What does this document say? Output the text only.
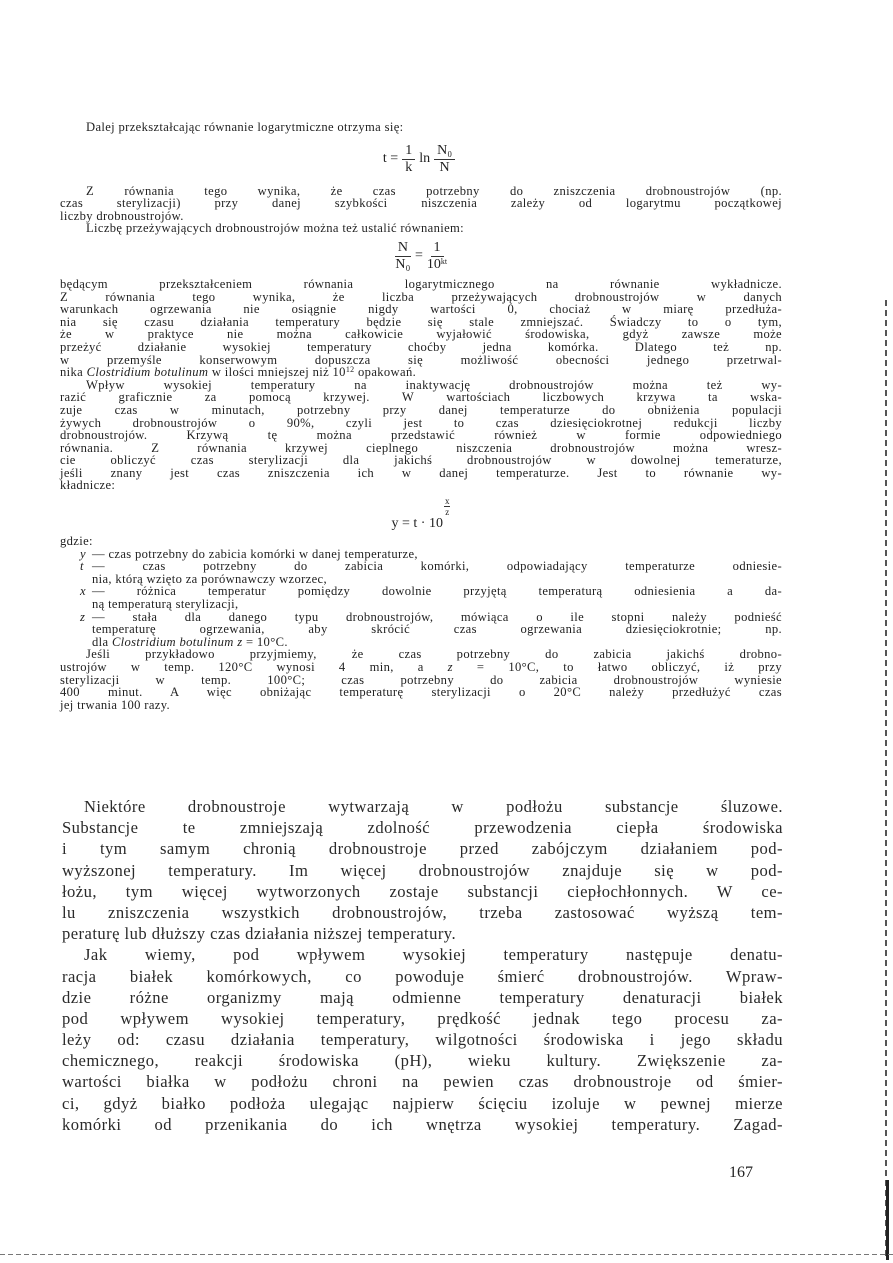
Dalej przekształcając równanie logarytmiczne otrzyma się:
$t = \frac{1}{k}$ $\ln \frac{\text{N₀}}{N}$
Z równania tego wynika, że czas potrzebny do zniszczenia drobnoustrojów (np.
czas sterylizacji) przy danej szybkości niszczenia zależy od logarytmu początkowej
liczby drobnoustrojów.
Liczbę przeżywających drobnoustrojów można też ustalić równaniem:
$\frac{N}{\text{N₀}} = \frac{1}{10^{kt}}$
będącym przekształceniem równania logarytmicznego na równanie wykładnicze.
Z równania tego wynika, że liczba przeżywających drobnoustrojów w danych
warunkach ogrzewania nie osiągnie nigdy wartości 0, chociaż w miarę przedłuża-
nia się czasu działania temperatury będzie się stale zmniejszać. Świadczy to o tym,
że w praktyce nie można całkowicie wyjałowić środowiska, gdyż zawsze może
przeżyć działanie wysokiej temperatury choćby jedna komórka. Dlatego też np.
w przemyśle konserwowym dopuszcza się możliwość obecności jednego przetrwal-
nika Clostridium botulinum w ilości mniejszej niż $10^{12}$ opakowań.
Wpływ wysokiej temperatury na inaktywację drobnoustrojów można też wy-
razić graficznie za pomocą krzywej. W wartościach liczbowych krzywa ta wska-
zuje czas w minutach, potrzebny przy danej temperaturze do obniżenia populacji
żywych drobnoustrojów o 90%, czyli jest to czas dziesięciokrotnej redukcji liczby
drobnoustrojów. Krzywą tę można przedstawić również w formie odpowiedniego
równania. Z równania krzywej cieplnego niszczenia drobnoustrojów można wresz-
cie obliczyć czas sterylizacji dla jakichś drobnoustrojów w dowolnej temeraturze,
jeśli znany jest czas zniszczenia ich w danej temperaturze. Jest to równanie wy-
kładnicze:
y = t · 10
$\frac{x}{z}$
gdzie:
y — czas potrzebny do zabicia komórki w danej temperaturze,
t — czas potrzebny do zabicia komórki, odpowiadający temperaturze odniesie-
nia, którą wzięto za porównawczy wzorzec,
x — różnica temperatur pomiędzy dowolnie przyjętą temperaturą odniesienia a da-
ną temperaturą sterylizacji,
z — stała dla danego typu drobnoustrojów, mówiąca o ile stopni należy podnieść
temperaturę ogrzewania, aby skrócić czas ogrzewania dziesięciokrotnie; np.
dla Clostridium botulinum z = 10°C.
Jeśli przykładowo przyjmiemy, że czas potrzebny do zabicia jakichś drobno-
ustrojów w temp. 120°C wynosi 4 min, a z = 10°C, to łatwo obliczyć, iż przy
sterylizacji w temp. 100°C; czas potrzebny do zabicia drobnoustrojów wyniesie
400 minut. A więc obniżając temperaturę sterylizacji o 20°C należy przedłużyć czas
jej trwania 100 razy.
Niektóre drobnoustroje wytwarzają w podłożu substancje śluzowe.
Substancje te zmniejszają zdolność przewodzenia ciepła środowiska
i tym samym chronią drobnoustroje przed zabójczym działaniem pod-
wyższonej temperatury. Im więcej drobnoustrojów znajduje się w pod-
łożu, tym więcej wytworzonych zostaje substancji ciepłochłonnych. W ce-
lu zniszczenia wszystkich drobnoustrojów, trzeba zastosować wyższą tem-
peraturę lub dłuższy czas działania niższej temperatury.
Jak wiemy, pod wpływem wysokiej temperatury następuje denatu-
racja białek komórkowych, co powoduje śmierć drobnoustrojów. Wpraw-
dzie różne organizmy mają odmienne temperatury denaturacji białek
pod wpływem wysokiej temperatury, prędkość jednak tego procesu za-
leży od: czasu działania temperatury, wilgotności środowiska i jego składu
chemicznego, reakcji środowiska (pH), wieku kultury. Zwiększenie za-
wartości białka w podłożu chroni na pewien czas drobnoustroje od śmier-
ci, gdyż białko podłoża ulegając najpierw ścięciu izoluje w pewnej mierze
komórki od przenikania do ich wnętrza wysokiej temperatury. Zagad-
167
